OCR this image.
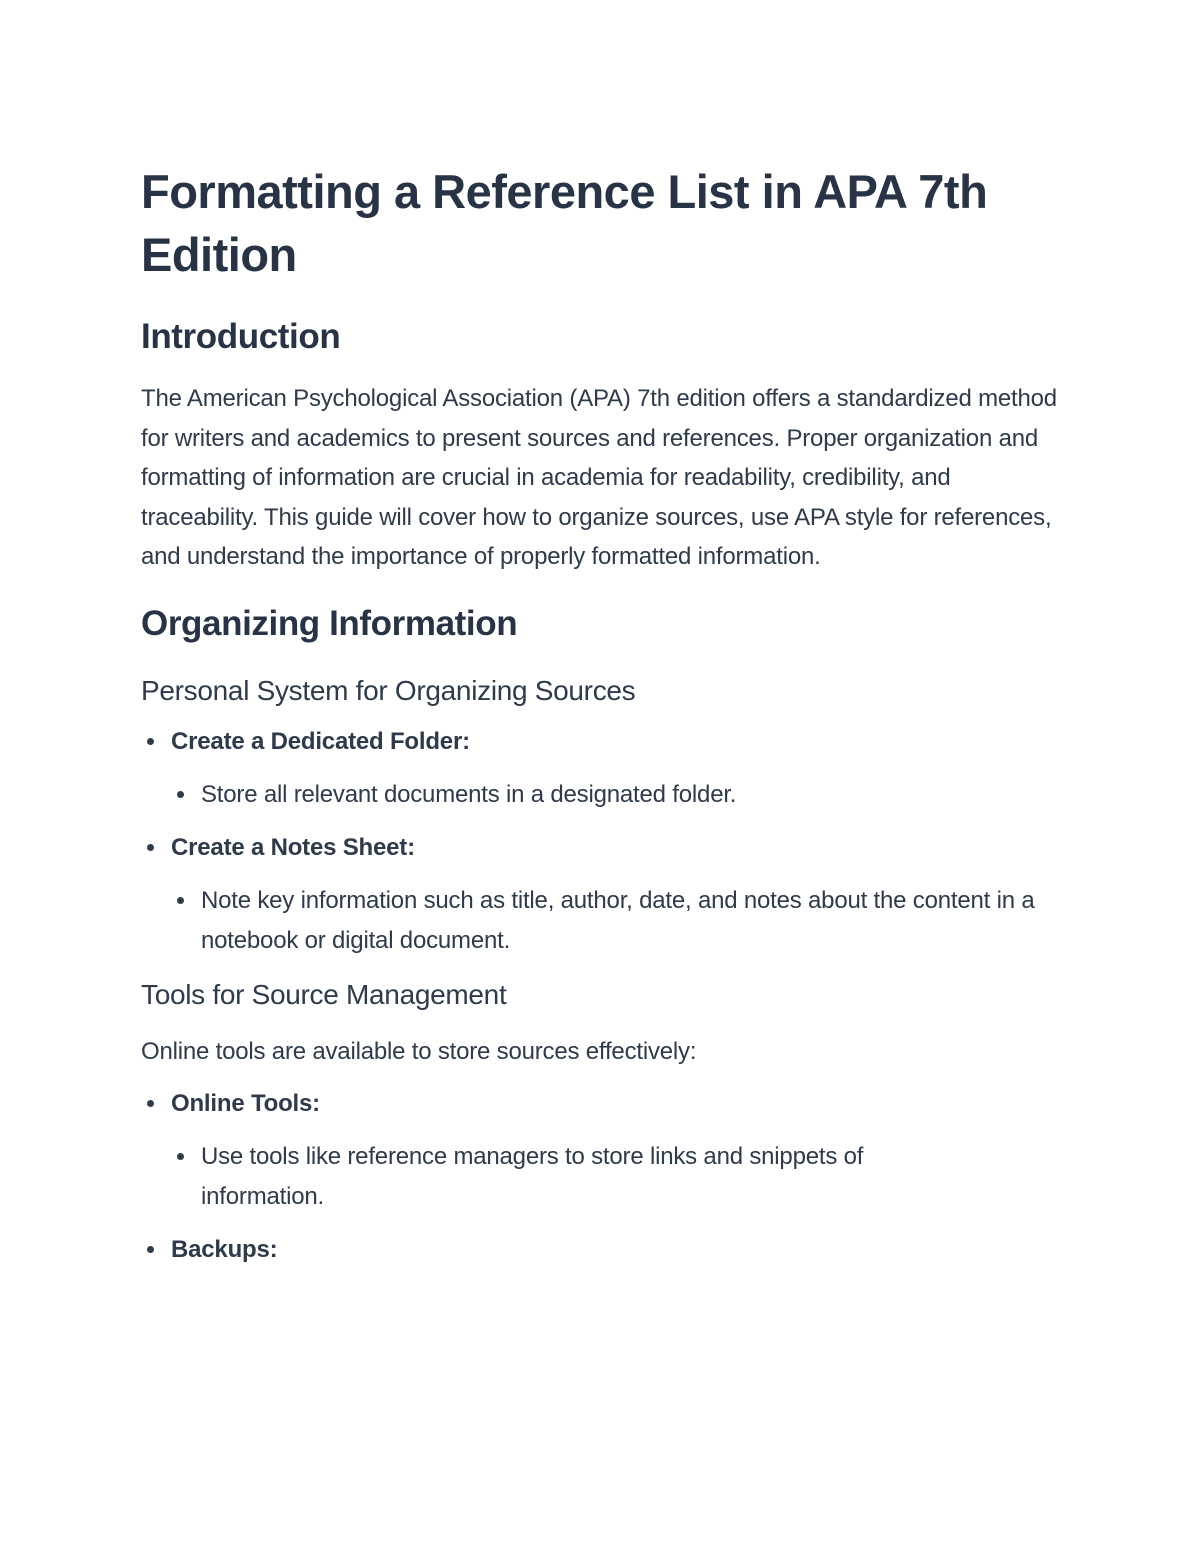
Formatting a Reference List in APA 7th Edition
Introduction

The American Psychological Association (APA) 7th edition offers a standardized method for writers and academics to present sources and references. Proper organization and formatting of information are crucial in academia for readability, credibility, and traceability. This guide will cover how to organize sources, use APA style for references, and understand the importance of properly formatted information.

Organizing Information
Personal System for Organizing Sources
Create a Dedicated Folder:
Store all relevant documents in a designated folder.
Create a Notes Sheet:
Note key information such as title, author, date, and notes about the content in a notebook or digital document.
Tools for Source Management

Online tools are available to store sources effectively:

Online Tools:
Use tools like reference managers to store links and snippets of information.
Backups:
